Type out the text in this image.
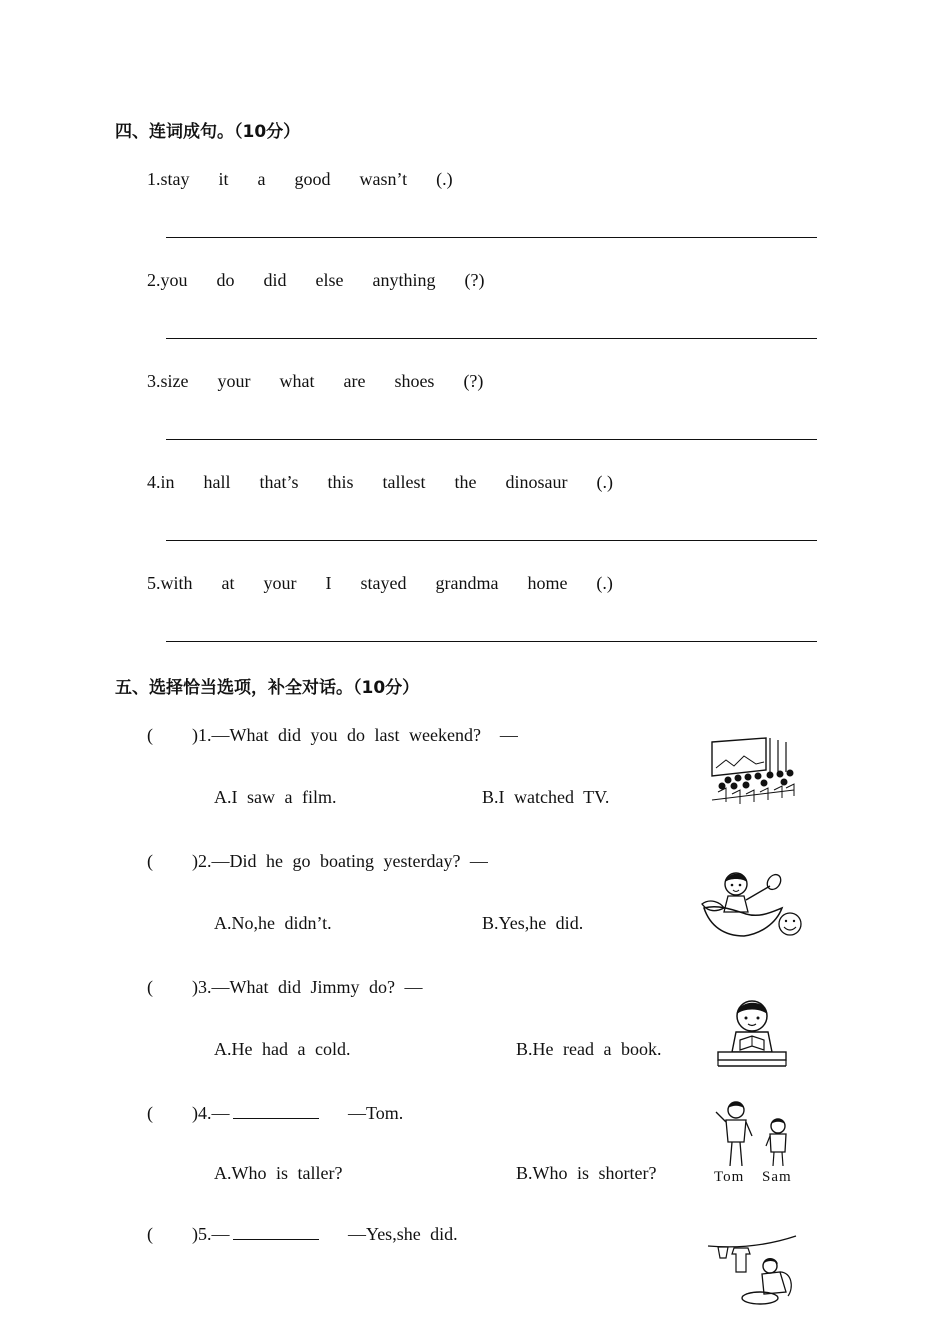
四、连词成句。（10分）
1.stay  it  a  good  wasn’t  (.)
2.you  do  did  else  anything  (?)
3.size  your  what  are  shoes  (?)
4.in  hall  that’s  this  tallest  the  dinosaur  (.)
5.with  at  your  I  stayed  grandma  home  (.)
五、选择恰当选项，补全对话。（10分）
( )1.—What did you do last weekend?  —
A.I saw a film.	B.I watched TV.
( )2.—Did he go boating yesterday? —
A.No,he didn’t.	B.Yes,he did.
( )3.—What did Jimmy do? —
A.He had a cold.	B.He read a book.
( )4.—	—Tom.
A.Who is taller?	B.Who is shorter?	Tom Sam
( )5.—	—Yes,she did.
